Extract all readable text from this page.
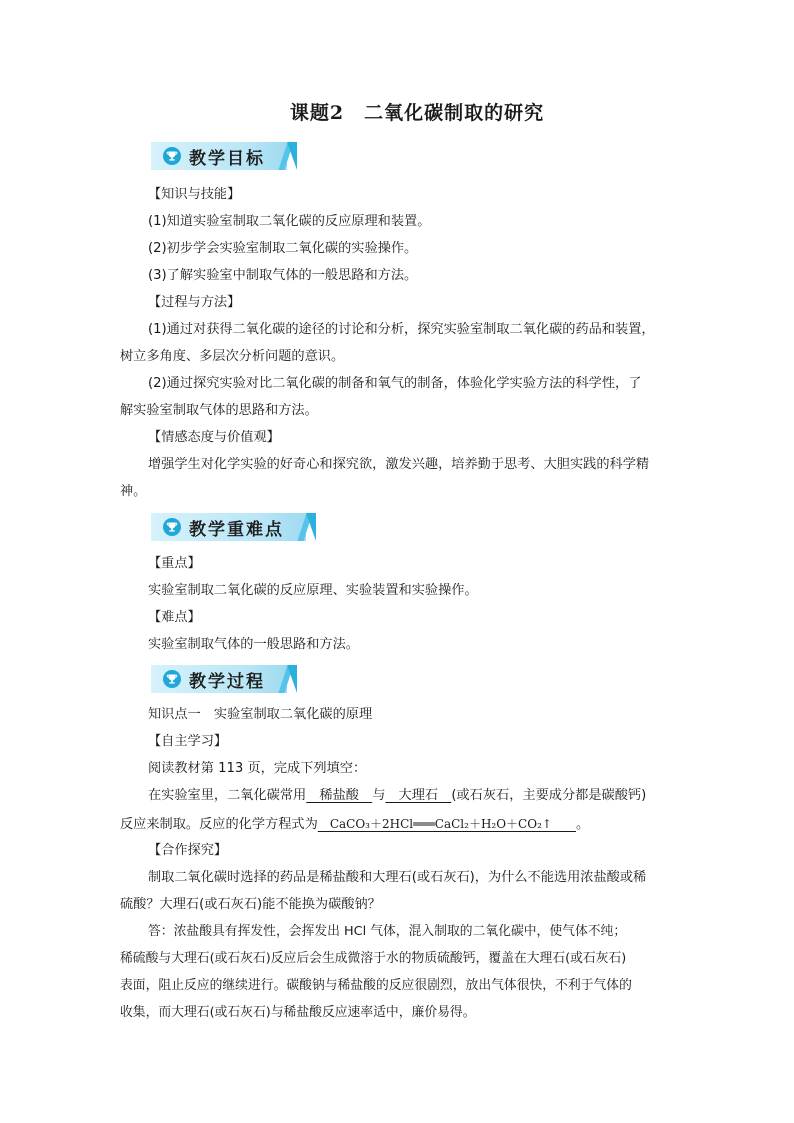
课题2　二氧化碳制取的研究
教学目标
【知识与技能】
(1)知道实验室制取二氧化碳的反应原理和装置。
(2)初步学会实验室制取二氧化碳的实验操作。
(3)了解实验室中制取气体的一般思路和方法。
【过程与方法】
(1)通过对获得二氧化碳的途径的讨论和分析，探究实验室制取二氧化碳的药品和装置，
树立多角度、多层次分析问题的意识。
(2)通过探究实验对比二氧化碳的制备和氧气的制备，体验化学实验方法的科学性，了
解实验室制取气体的思路和方法。
【情感态度与价值观】
增强学生对化学实验的好奇心和探究欲，激发兴趣，培养勤于思考、大胆实践的科学精
神。
教学重难点
【重点】
实验室制取二氧化碳的反应原理、实验装置和实验操作。
【难点】
实验室制取气体的一般思路和方法。
教学过程
知识点一　实验室制取二氧化碳的原理
【自主学习】
阅读教材第 113 页，完成下列填空：
在实验室里，二氧化碳常用　稀盐酸　与　大理石　(或石灰石，主要成分都是碳酸钙)
反应来制取。反应的化学方程式为　CaCO₃＋2HCl═══CaCl₂＋H₂O＋CO₂↑　　。
【合作探究】
制取二氧化碳时选择的药品是稀盐酸和大理石(或石灰石)，为什么不能选用浓盐酸或稀
硫酸？大理石(或石灰石)能不能换为碳酸钠？
答：浓盐酸具有挥发性，会挥发出 HCl 气体，混入制取的二氧化碳中，使气体不纯；
稀硫酸与大理石(或石灰石)反应后会生成微溶于水的物质硫酸钙，覆盖在大理石(或石灰石)
表面，阻止反应的继续进行。碳酸钠与稀盐酸的反应很剧烈，放出气体很快，不利于气体的
收集，而大理石(或石灰石)与稀盐酸反应速率适中，廉价易得。
